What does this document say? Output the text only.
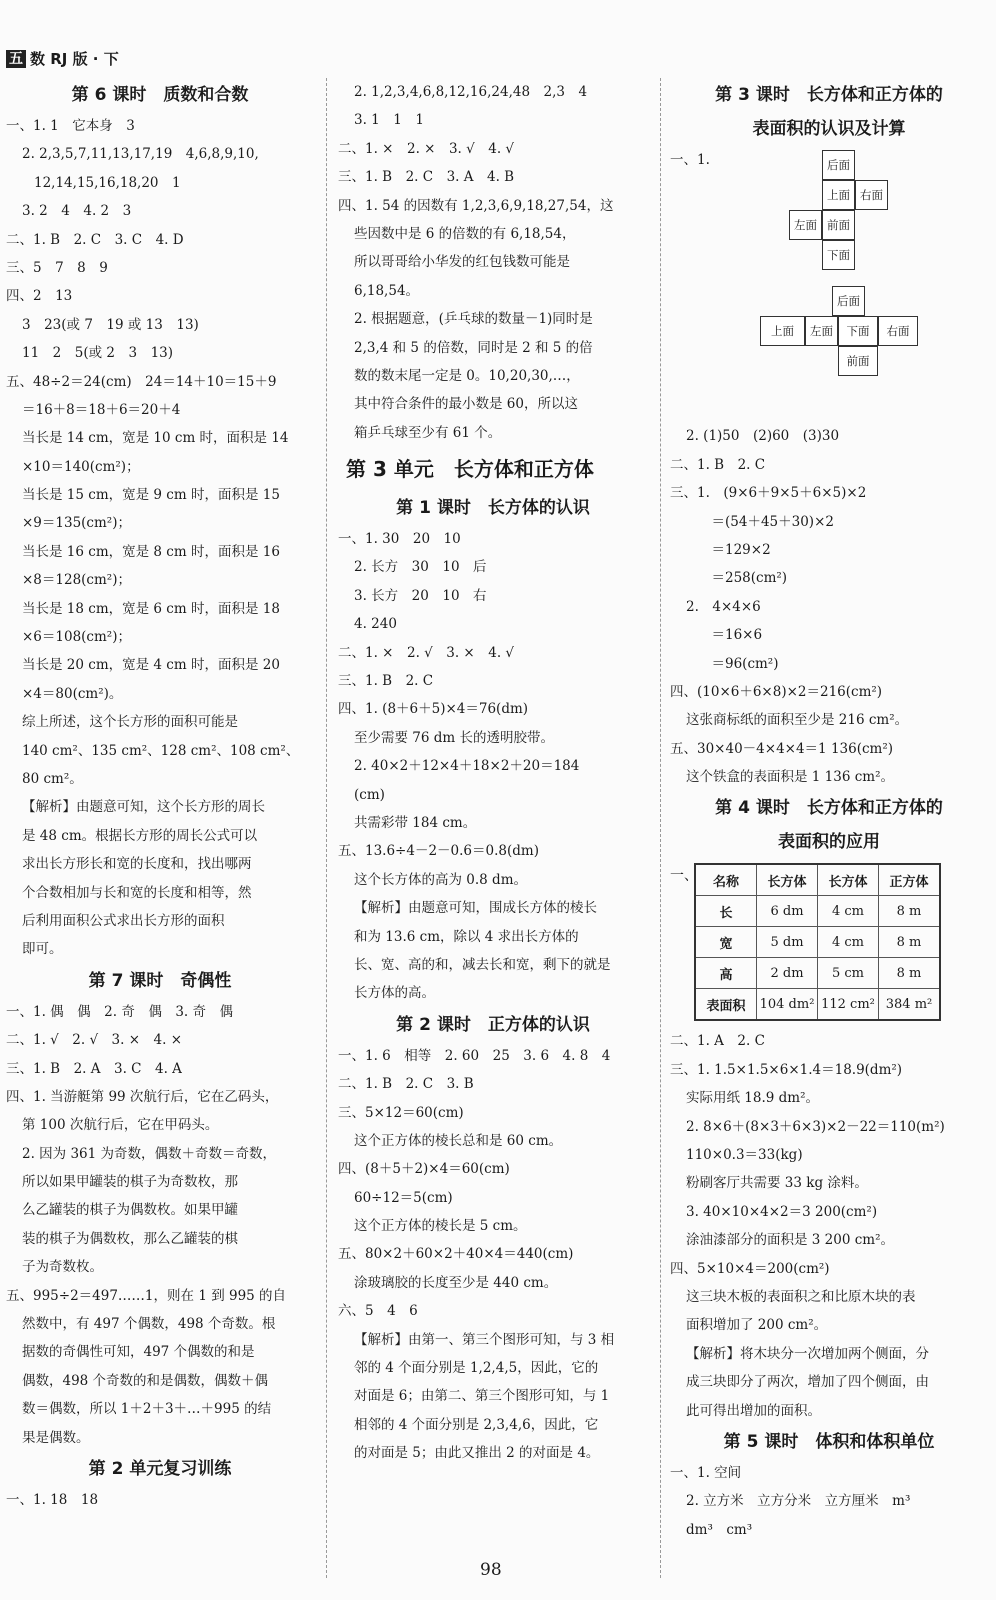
五 数 RJ 版 · 下
第 6 课时　质数和合数
一、1. 1　它本身　3
2. 2,3,5,7,11,13,17,19　4,6,8,9,10,
12,14,15,16,18,20　1
3. 2　4　4. 2　3
二、1. B　2. C　3. C　4. D
三、5　7　8　9
四、2　13
3　23(或 7　19 或 13　13)
11　2　5(或 2　3　13)
五、48÷2＝24(cm)　24＝14＋10＝15＋9
＝16＋8＝18＋6＝20＋4
当长是 14 cm，宽是 10 cm 时，面积是 14
×10＝140(cm²)；
当长是 15 cm，宽是 9 cm 时，面积是 15
×9＝135(cm²)；
当长是 16 cm，宽是 8 cm 时，面积是 16
×8＝128(cm²)；
当长是 18 cm，宽是 6 cm 时，面积是 18
×6＝108(cm²)；
当长是 20 cm，宽是 4 cm 时，面积是 20
×4＝80(cm²)。
综上所述，这个长方形的面积可能是
140 cm²、135 cm²、128 cm²、108 cm²、
80 cm²。
【解析】由题意可知，这个长方形的周长
是 48 cm。根据长方形的周长公式可以
求出长方形长和宽的长度和，找出哪两
个合数相加与长和宽的长度和相等，然
后利用面积公式求出长方形的面积
即可。
第 7 课时　奇偶性
一、1. 偶　偶　2. 奇　偶　3. 奇　偶
二、1. √　2. √　3. ×　4. ×
三、1. B　2. A　3. C　4. A
四、1. 当游艇第 99 次航行后，它在乙码头，
第 100 次航行后，它在甲码头。
2. 因为 361 为奇数，偶数＋奇数＝奇数，
所以如果甲罐装的棋子为奇数枚，那
么乙罐装的棋子为偶数枚。如果甲罐
装的棋子为偶数枚，那么乙罐装的棋
子为奇数枚。
五、995÷2＝497……1，则在 1 到 995 的自
然数中，有 497 个偶数，498 个奇数。根
据数的奇偶性可知，497 个偶数的和是
偶数，498 个奇数的和是偶数，偶数＋偶
数＝偶数，所以 1＋2＋3＋…＋995 的结
果是偶数。
第 2 单元复习训练
一、1. 18　18
2. 1,2,3,4,6,8,12,16,24,48　2,3　4
3. 1　1　1
二、1. ×　2. ×　3. √　4. √
三、1. B　2. C　3. A　4. B
四、1. 54 的因数有 1,2,3,6,9,18,27,54，这
些因数中是 6 的倍数的有 6,18,54，
所以哥哥给小华发的红包钱数可能是
6,18,54。
2. 根据题意，(乒乓球的数量－1)同时是
2,3,4 和 5 的倍数，同时是 2 和 5 的倍
数的数末尾一定是 0。10,20,30,…，
其中符合条件的最小数是 60，所以这
箱乒乓球至少有 61 个。
第 3 单元　长方体和正方体
第 1 课时　长方体的认识
一、1. 30　20　10
2. 长方　30　10　后
3. 长方　20　10　右
4. 240
二、1. ×　2. √　3. ×　4. √
三、1. B　2. C
四、1. (8＋6＋5)×4＝76(dm)
至少需要 76 dm 长的透明胶带。
2. 40×2＋12×4＋18×2＋20＝184
(cm)
共需彩带 184 cm。
五、13.6÷4－2－0.6＝0.8(dm)
这个长方体的高为 0.8 dm。
【解析】由题意可知，围成长方体的棱长
和为 13.6 cm，除以 4 求出长方体的
长、宽、高的和，减去长和宽，剩下的就是
长方体的高。
第 2 课时　正方体的认识
一、1. 6　相等　2. 60　25　3. 6　4. 8　4
二、1. B　2. C　3. B
三、5×12＝60(cm)
这个正方体的棱长总和是 60 cm。
四、(8＋5＋2)×4＝60(cm)
60÷12＝5(cm)
这个正方体的棱长是 5 cm。
五、80×2＋60×2＋40×4＝440(cm)
涂玻璃胶的长度至少是 440 cm。
六、5　4　6
【解析】由第一、第三个图形可知，与 3 相
邻的 4 个面分别是 1,2,4,5，因此，它的
对面是 6；由第二、第三个图形可知，与 1
相邻的 4 个面分别是 2,3,4,6，因此，它
的对面是 5；由此又推出 2 的对面是 4。
第 3 课时　长方体和正方体的
表面积的认识及计算
一、1.	后面
上面 右面
左面 前面
下面
后面
上面	左面	下面	右面
前面
2. (1)50　(2)60　(3)30
二、1. B　2. C
三、1.　(9×6＋9×5＋6×5)×2
　＝(54＋45＋30)×2
　＝129×2
　＝258(cm²)
2.　4×4×6
　＝16×6
　＝96(cm²)
四、(10×6＋6×8)×2＝216(cm²)
这张商标纸的面积至少是 216 cm²。
五、30×40－4×4×4＝1 136(cm²)
这个铁盒的表面积是 1 136 cm²。
第 4 课时　长方体和正方体的
表面积的应用
一、 名称	长方体	长方体	正方体
长	6 dm	4 cm	8 m
宽	5 dm	4 cm	8 m
高	2 dm	5 cm	8 m
表面积	104 dm²	112 cm²	384 m²
二、1. A　2. C
三、1. 1.5×1.5×6×1.4＝18.9(dm²)
实际用纸 18.9 dm²。
2. 8×6＋(8×3＋6×3)×2－22＝110(m²)
110×0.3＝33(kg)
粉刷客厅共需要 33 kg 涂料。
3. 40×10×4×2＝3 200(cm²)
涂油漆部分的面积是 3 200 cm²。
四、5×10×4＝200(cm²)
这三块木板的表面积之和比原木块的表
面积增加了 200 cm²。
【解析】将木块分一次增加两个侧面，分
成三块即分了两次，增加了四个侧面，由
此可得出增加的面积。
第 5 课时　体积和体积单位
一、1. 空间
2. 立方米　立方分米　立方厘米　m³
dm³　cm³
98
